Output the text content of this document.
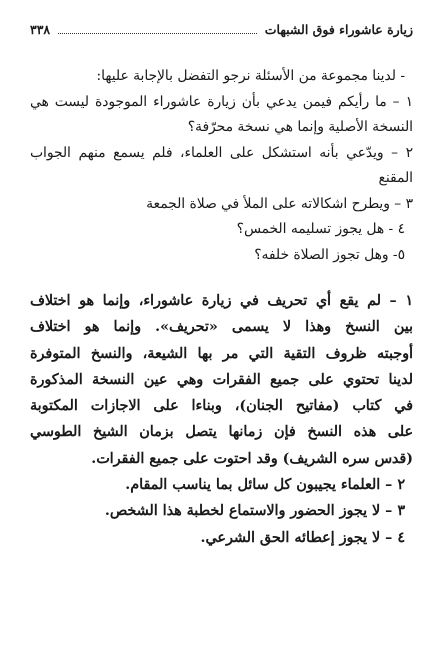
زيارة عاشوراء فوق الشبهات
٣٣٨
- لدينا مجموعة من الأسئلة نرجو التفضل بالإجابة عليها:
١ – ما رأيكم فيمن يدعي بأن زيارة عاشوراء الموجودة ليست هي
النسخة الأصلية وإنما هي نسخة محرّفة؟
٢ – ويدّعي بأنه استشكل على العلماء، فلم يسمع منهم الجواب
المقنع
٣ – ويطرح اشكالاته على الملأ في صلاة الجمعة
٤ - هل يجوز تسليمه الخمس؟
٥- وهل تجوز الصلاة خلفه؟
١ – لم يقع أي تحريف في زيارة عاشوراء، وإنما هو اختلاف
بين النسخ وهذا لا يسمى «تحريف». وإنما هو اختلاف
أوجبته ظروف التقية التي مر بها الشيعة، والنسخ المتوفرة
لدينا تحتوي على جميع الفقرات وهي عين النسخة المذكورة
في كتاب (مفاتيح الجنان)، وبناءا على الاجازات المكتوبة
على هذه النسخ فإن زمانها يتصل بزمان الشيخ الطوسي
(قدس سره الشريف) وقد احتوت على جميع الفقرات.
٢ – العلماء يجيبون كل سائل بما يناسب المقام.
٣ – لا يجوز الحضور والاستماع لخطبة هذا الشخص.
٤ – لا يجوز إعطائه الحق الشرعي.
